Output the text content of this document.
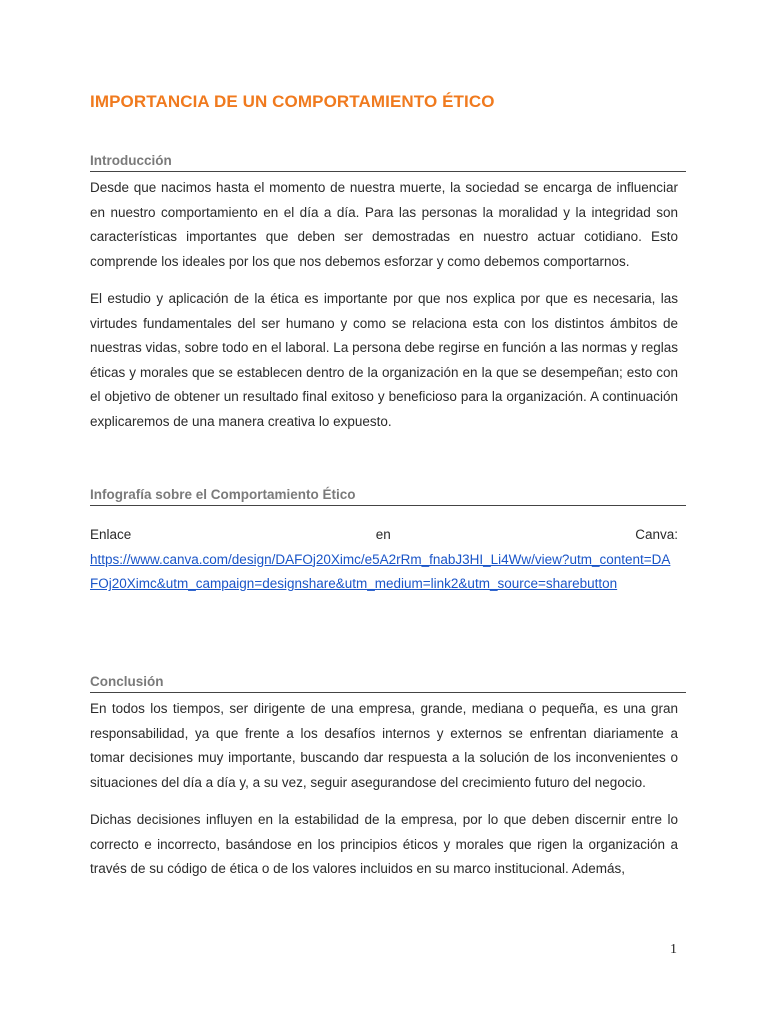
IMPORTANCIA DE UN COMPORTAMIENTO ÉTICO
Introducción

Desde que nacimos hasta el momento de nuestra muerte, la sociedad se encarga de influenciar en nuestro comportamiento en el día a día. Para las personas la moralidad y la integridad son características importantes que deben ser demostradas en nuestro actuar cotidiano. Esto comprende los ideales por los que nos debemos esforzar y como debemos comportarnos.

El estudio y aplicación de la ética es importante por que nos explica por que es necesaria, las virtudes fundamentales del ser humano y como se relaciona esta con los distintos ámbitos de nuestras vidas, sobre todo en el laboral. La persona debe regirse en función a las normas y reglas éticas y morales que se establecen dentro de la organización en la que se desempeñan; esto con el objetivo de obtener un resultado final exitoso y beneficioso para la organización. A continuación explicaremos de una manera creativa lo expuesto.

Infografía sobre el Comportamiento Ético
Enlace	en	Canva:
https://www.canva.com/design/DAFOj20Ximc/e5A2rRm_fnabJ3HI_Li4Ww/view?utm_content=DAFOj20Ximc&utm_campaign=designshare&utm_medium=link2&utm_source=sharebutton
Conclusión

En todos los tiempos, ser dirigente de una empresa, grande, mediana o pequeña, es una gran responsabilidad, ya que frente a los desafíos internos y externos se enfrentan diariamente a tomar decisiones muy importante, buscando dar respuesta a la solución de los inconvenientes o situaciones del día a día y, a su vez, seguir asegurandose del crecimiento futuro del negocio.

Dichas decisiones influyen en la estabilidad de la empresa, por lo que deben discernir entre lo correcto e incorrecto, basándose en los principios éticos y morales que rigen la organización a través de su código de ética o de los valores incluidos en su marco institucional. Además,

1
